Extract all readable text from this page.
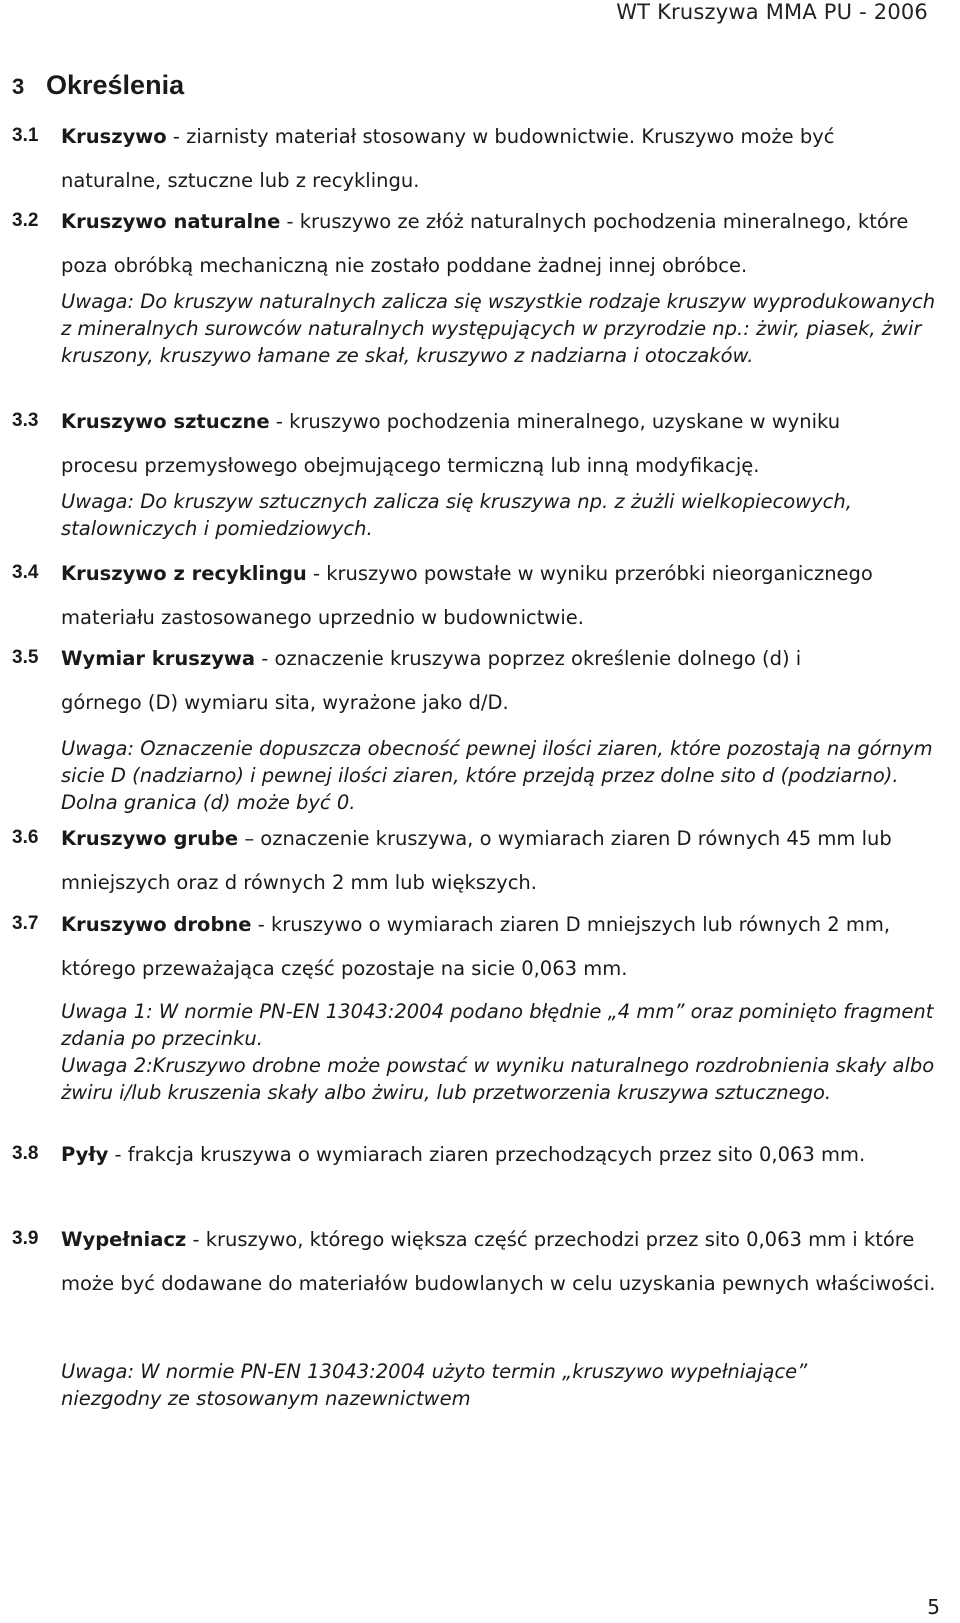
WT Kruszywa MMA PU - 2006
3 Określenia
3.1 Kruszywo - ziarnisty materiał stosowany w budownictwie. Kruszywo może być naturalne, sztuczne lub z recyklingu.
3.2 Kruszywo naturalne - kruszywo ze złóż naturalnych pochodzenia mineralnego, które poza obróbką mechaniczną nie zostało poddane żadnej innej obróbce.
Uwaga: Do kruszyw naturalnych zalicza się wszystkie rodzaje kruszyw wyprodukowanych z mineralnych surowców naturalnych występujących w przyrodzie np.: żwir, piasek, żwir kruszony, kruszywo łamane ze skał, kruszywo z nadziarna i otoczaków.
3.3 Kruszywo sztuczne - kruszywo pochodzenia mineralnego, uzyskane w wyniku procesu przemysłowego obejmującego termiczną lub inną modyfikację.
Uwaga: Do kruszyw sztucznych zalicza się kruszywa np. z żużli wielkopiecowych, stalowniczych i pomiedziowych.
3.4 Kruszywo z recyklingu - kruszywo powstałe w wyniku przeróbki nieorganicznego materiału zastosowanego uprzednio w budownictwie.
3.5 Wymiar kruszywa - oznaczenie kruszywa poprzez określenie dolnego (d) i górnego (D) wymiaru sita, wyrażone jako d/D.
Uwaga: Oznaczenie dopuszcza obecność pewnej ilości ziaren, które pozostają na górnym sicie D (nadziarno) i pewnej ilości ziaren, które przejdą przez dolne sito d (podziarno). Dolna granica (d) może być 0.
3.6 Kruszywo grube – oznaczenie kruszywa, o wymiarach ziaren D równych 45 mm lub mniejszych oraz d równych 2 mm lub większych.
3.7 Kruszywo drobne - kruszywo o wymiarach ziaren D mniejszych lub równych 2 mm, którego przeważająca część pozostaje na sicie 0,063 mm.
Uwaga 1: W normie PN-EN 13043:2004 podano błędnie „4 mm” oraz pominięto fragment zdania po przecinku.
Uwaga 2:Kruszywo drobne może powstać w wyniku naturalnego rozdrobnienia skały albo żwiru i/lub kruszenia skały albo żwiru, lub przetworzenia kruszywa sztucznego.
3.8 Pyły - frakcja kruszywa o wymiarach ziaren przechodzących przez sito 0,063 mm.
3.9 Wypełniacz - kruszywo, którego większa część przechodzi przez sito 0,063 mm i które może być dodawane do materiałów budowlanych w celu uzyskania pewnych właściwości.
Uwaga: W normie PN-EN 13043:2004 użyto termin „kruszywo wypełniające” niezgodny ze stosowanym nazewnictwem
5
